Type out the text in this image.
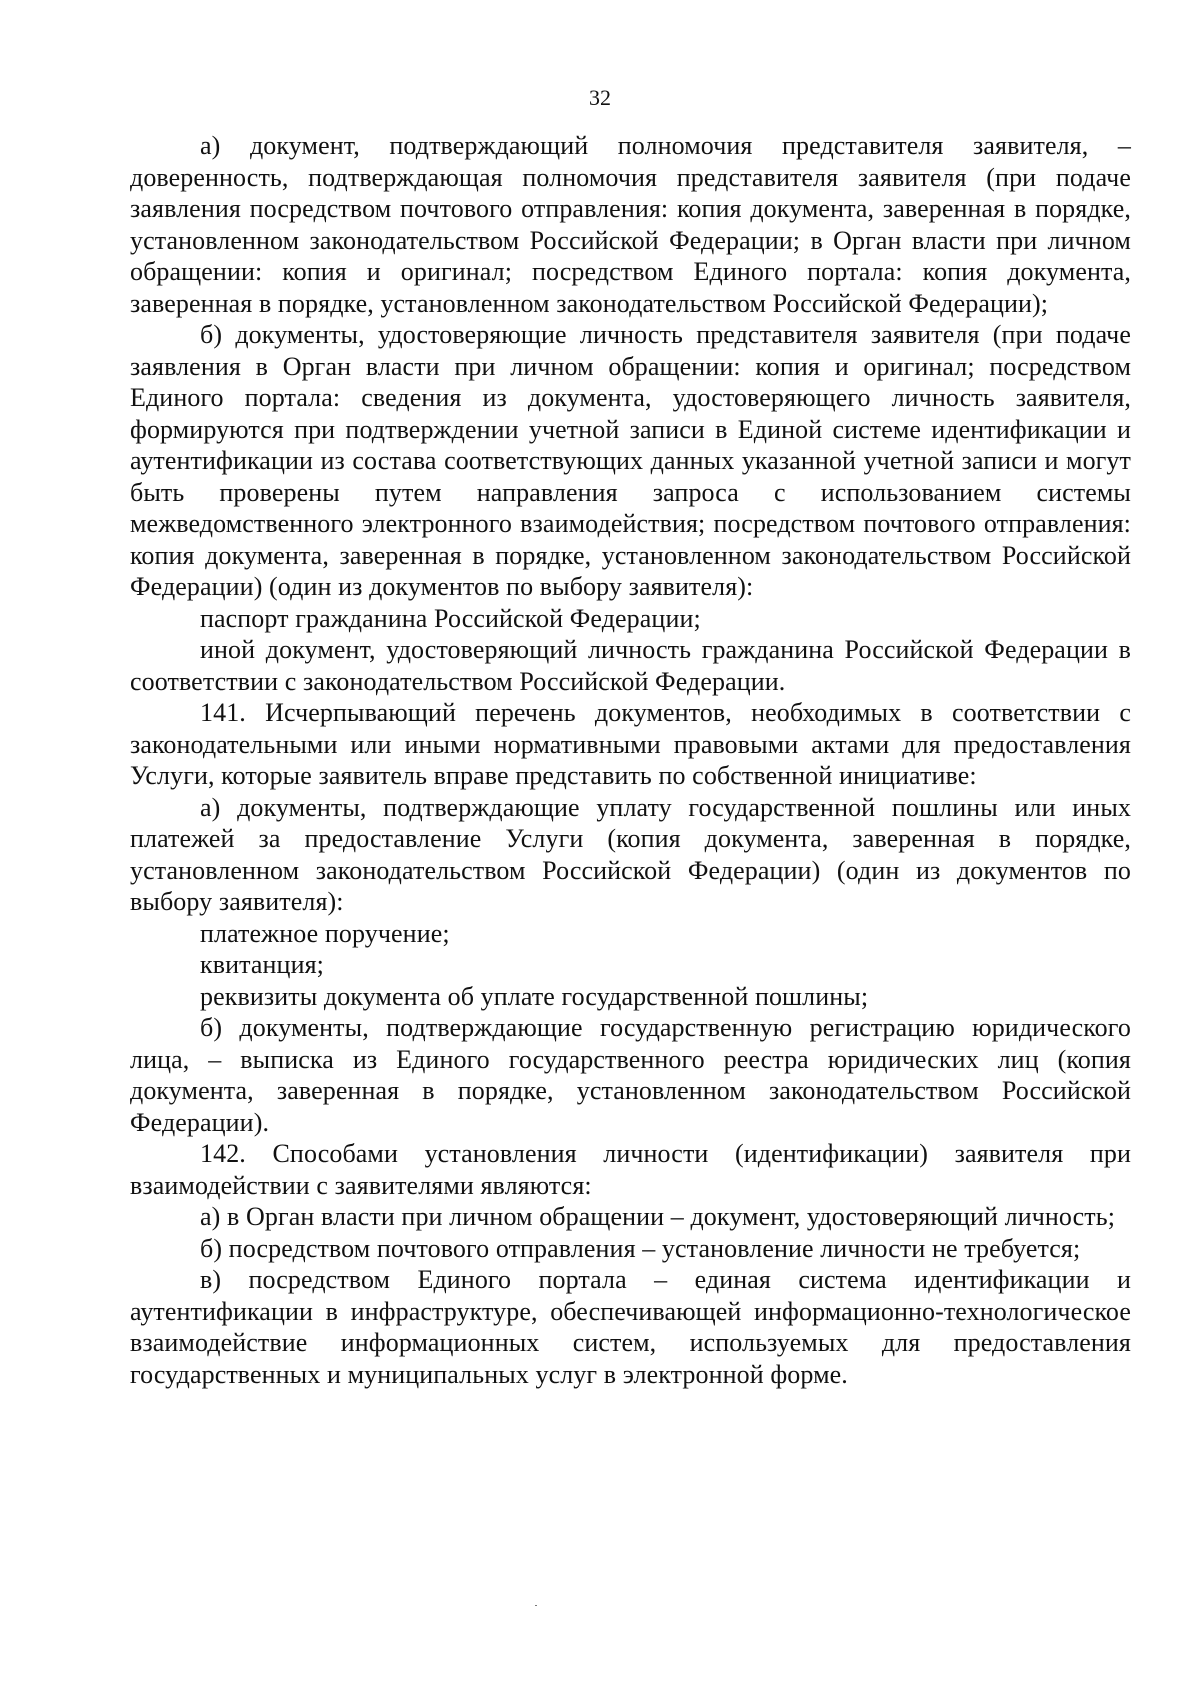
32

а) документ, подтверждающий полномочия представителя заявителя, – доверенность, подтверждающая полномочия представителя заявителя (при подаче заявления посредством почтового отправления: копия документа, заверенная в порядке, установленном законодательством Российской Федерации; в Орган власти при личном обращении: копия и оригинал; посредством Единого портала: копия документа, заверенная в порядке, установленном законодательством Российской Федерации);

б) документы, удостоверяющие личность представителя заявителя (при подаче заявления в Орган власти при личном обращении: копия и оригинал; посредством Единого портала: сведения из документа, удостоверяющего личность заявителя, формируются при подтверждении учетной записи в Единой системе идентификации и аутентификации из состава соответствующих данных указанной учетной записи и могут быть проверены путем направления запроса с использованием системы межведомственного электронного взаимодействия; посредством почтового отправления: копия документа, заверенная в порядке, установленном законодательством Российской Федерации) (один из документов по выбору заявителя):

паспорт гражданина Российской Федерации;

иной документ, удостоверяющий личность гражданина Российской Федерации в соответствии с законодательством Российской Федерации.

141. Исчерпывающий перечень документов, необходимых в соответствии с законодательными или иными нормативными правовыми актами для предоставления Услуги, которые заявитель вправе представить по собственной инициативе:

а) документы, подтверждающие уплату государственной пошлины или иных платежей за предоставление Услуги (копия документа, заверенная в порядке, установленном законодательством Российской Федерации) (один из документов по выбору заявителя):

платежное поручение;

квитанция;

реквизиты документа об уплате государственной пошлины;

б) документы, подтверждающие государственную регистрацию юридического лица, – выписка из Единого государственного реестра юридических лиц (копия документа, заверенная в порядке, установленном законодательством Российской Федерации).

142. Способами установления личности (идентификации) заявителя при взаимодействии с заявителями являются:

а) в Орган власти при личном обращении – документ, удостоверяющий личность;

б) посредством почтового отправления – установление личности не требуется;

в) посредством Единого портала – единая система идентификации и аутентификации в инфраструктуре, обеспечивающей информационно-технологическое взаимодействие информационных систем, используемых для предоставления государственных и муниципальных услуг в электронной форме.
